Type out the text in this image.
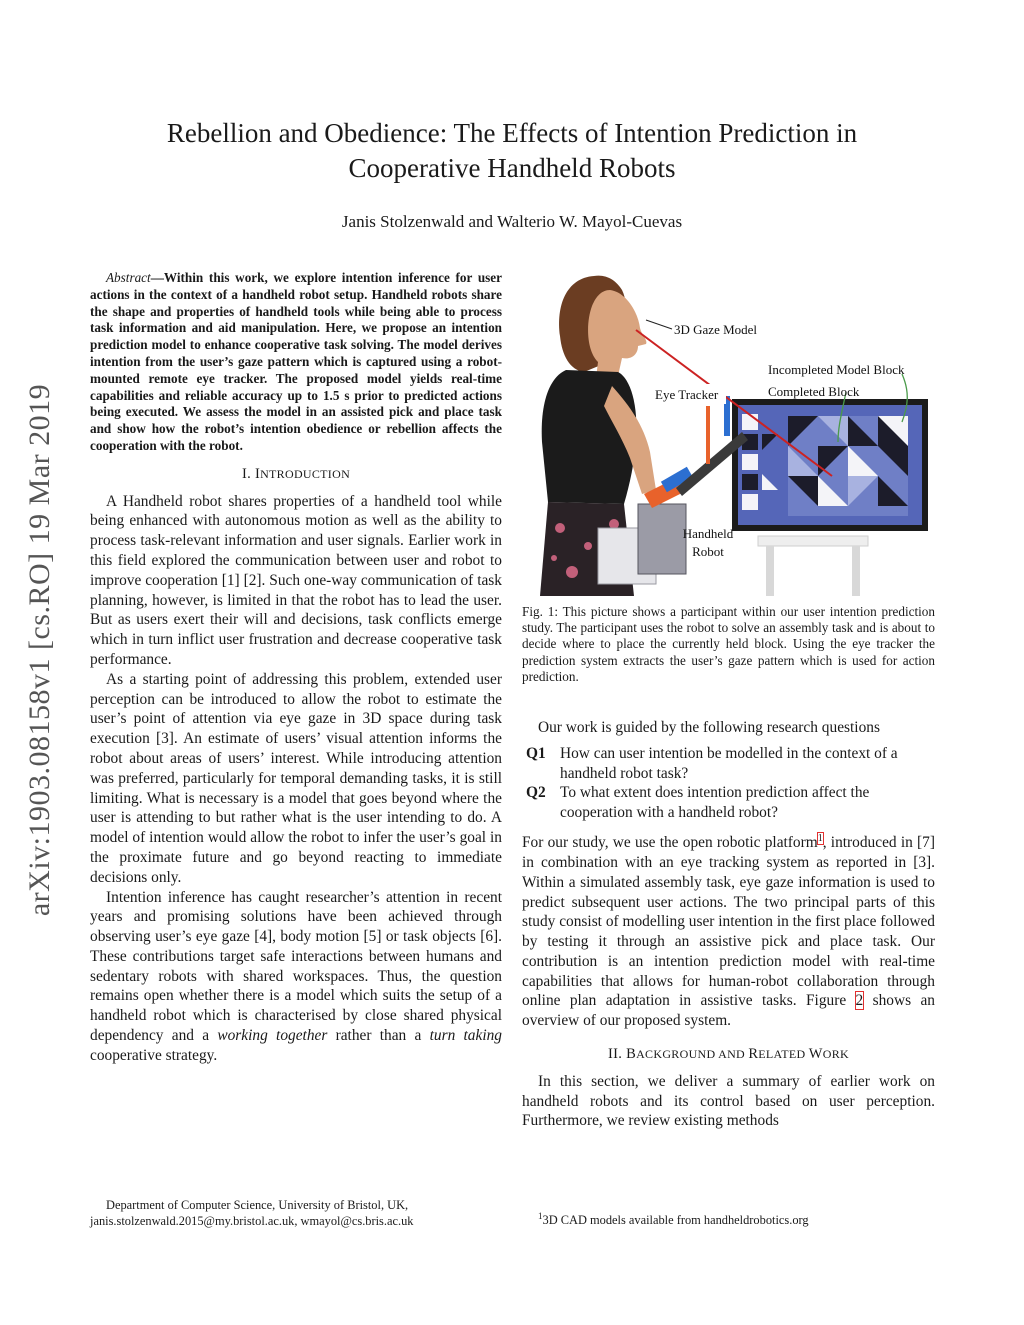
arXiv:1903.08158v1 [cs.RO] 19 Mar 2019
Rebellion and Obedience: The Effects of Intention Prediction in
Cooperative Handheld Robots
Janis Stolzenwald and Walterio W. Mayol-Cuevas

Abstract—Within this work, we explore intention inference for user actions in the context of a handheld robot setup. Handheld robots share the shape and properties of handheld tools while being able to process task information and aid manipulation. Here, we propose an intention prediction model to enhance cooperative task solving. The model derives intention from the user’s gaze pattern which is captured using a robot-mounted remote eye tracker. The proposed model yields real-time capabilities and reliable accuracy up to 1.5 s prior to predicted actions being executed. We assess the model in an assisted pick and place task and show how the robot’s intention obedience or rebellion affects the cooperation with the robot.

I. INTRODUCTION

A Handheld robot shares properties of a handheld tool while being enhanced with autonomous motion as well as the ability to process task-relevant information and user signals. Earlier work in this field explored the communication between user and robot to improve cooperation [1] [2]. Such one-way communication of task planning, however, is limited in that the robot has to lead the user. But as users exert their will and decisions, task conflicts emerge which in turn inflict user frustration and decrease cooperative task performance.

As a starting point of addressing this problem, extended user perception can be introduced to allow the robot to estimate the user’s point of attention via eye gaze in 3D space during task execution [3]. An estimate of users’ visual attention informs the robot about areas of users’ interest. While introducing attention was preferred, particularly for temporal demanding tasks, it is still limiting. What is necessary is a model that goes beyond where the user is attending to but rather what is the user intending to do. A model of intention would allow the robot to infer the user’s goal in the proximate future and go beyond reacting to immediate decisions only.

Intention inference has caught researcher’s attention in recent years and promising solutions have been achieved through observing user’s eye gaze [4], body motion [5] or task objects [6]. These contributions target safe interactions between humans and sedentary robots with shared workspaces. Thus, the question remains open whether there is a model which suits the setup of a handheld robot which is characterised by close shared physical dependency and a working together rather than a turn taking cooperative strategy.

Department of Computer Science, University of Bristol, UK,
janis.stolzenwald.2015@my.bristol.ac.uk, wmayol@cs.bris.ac.uk
3D Gaze Model
Incompleted Model Block
Completed Block
Eye Tracker
Handheld
Robot
Fig. 1: This picture shows a participant within our user intention prediction study. The participant uses the robot to solve an assembly task and is about to decide where to place the currently held block. Using the eye tracker the prediction system extracts the user’s gaze pattern which is used for action prediction.

Our work is guided by the following research questions

Q1 How can user intention be modelled in the context of a handheld robot task?
Q2 To what extent does intention prediction affect the cooperation with a handheld robot?

For our study, we use the open robotic platform$^1$, introduced in [7] in combination with an eye tracking system as reported in [3]. Within a simulated assembly task, eye gaze information is used to predict subsequent user actions. The two principal parts of this study consist of modelling user intention in the first place followed by testing it through an assistive pick and place task. Our contribution is an intention prediction model with real-time capabilities that allows for human-robot collaboration through online plan adaptation in assistive tasks. Figure 2 shows an overview of our proposed system.

II. BACKGROUND AND RELATED WORK

In this section, we deliver a summary of earlier work on handheld robots and its control based on user perception. Furthermore, we review existing methods

$^1$3D CAD models available from handheldrobotics.org
